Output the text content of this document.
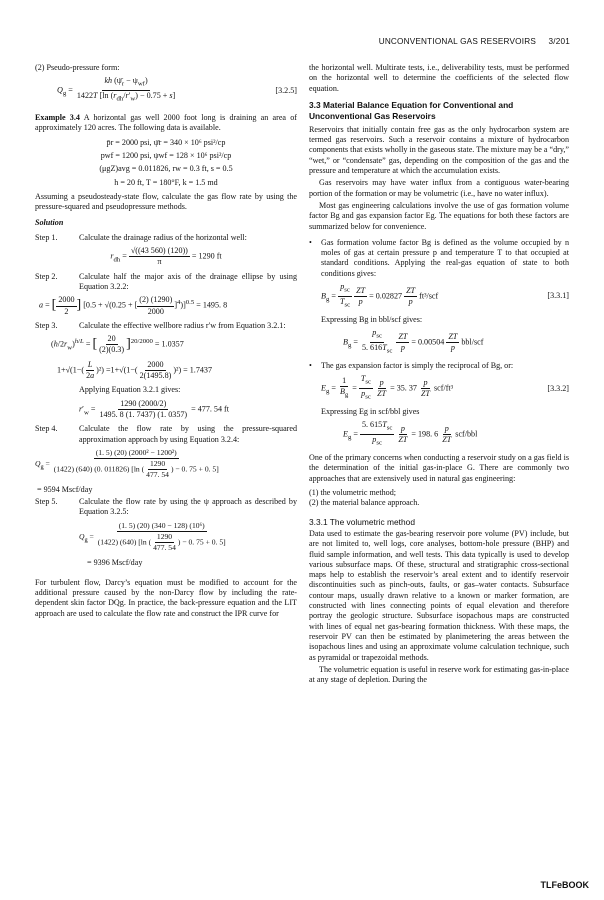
UNCONVENTIONAL GAS RESERVOIRS 3/201

(2) Pseudo-pressure form:

$Q_g = \frac{kh (\psī_r - \psi_{wf})}{1422T [\ln (r_{dh}/r'_w) - 0.75 + s]}$	[3.2.5]

Example 3.4 A horizontal gas well 2000 foot long is draining an area of approximately 120 acres. The following data is available.

p̄r = 2000 psi, ψ̄r = 340 × 10⁶ psi²/cp
pwf = 1200 psi, ψwf = 128 × 10⁶ psi²/cp
(μgZ)avg = 0.011826, rw = 0.3 ft, s = 0.5
h = 20 ft, T = 180°F, k = 1.5 md

Assuming a pseudosteady-state flow, calculate the gas flow rate by using the pressure-squared and pseudopressure methods.

Solution
Step 1.	Calculate the drainage radius of the horizontal well:
$r_{dh} = \frac{√((43 560) (120))}{\pi} = 1290$ ft
Step 2.	Calculate half the major axis of the drainage ellipse by using Equation 3.2.2:
a = [ $\frac{2000}{2}$ ] [0.5 + √(0.25 + [ $\frac{(2) (1290)}{2000} ]^4)]^{0.5} = 1495$. 8
Step 3.	Calculate the effective wellbore radius r′w from Equation 3.2.1:
$(h/2r_w)^{h/L}$ = [ $\frac{20}{(2)(0.3)} ]^{20/2000} = 1.0357$
$1+√(1-( \frac{L}{2a} )^2) =1+√(1-( \frac{2000}{2(1495.8)} )^2) = 1.7437$

Applying Equation 3.2.1 gives:

$r'_w = \frac{1290 (2000/2)}{1495. 8 (1. 7437) (1. 0357)} = 477$. 54 ft
Step 4.	Calculate the flow rate by using the pressure-squared approximation approach by using Equation 3.2.4:
$Q_g = \frac{\text{(1. 5) (20) (2000² − 1200²)}}{(1422) (640) (0. 011826) [\ln ( \frac{1290}{477. 54} ) - 0. 75 + 0. 5]}$

= 9594 Mscf/day

Step 5.	Calculate the flow rate by using the ψ approach as described by Equation 3.2.5:
$Q_g = \frac{\text{(1. 5) (20) (340 − 128) (10⁶)}}{(1422) (640) [\ln ( \frac{1290}{477. 54} ) - 0. 75 + 0. 5]}$

= 9396 Mscf/day

For turbulent flow, Darcy’s equation must be modified to account for the additional pressure caused by the non-Darcy flow by including the rate-dependent skin factor DQg. In practice, the back-pressure equation and the LIT approach are used to calculate the flow rate and construct the IPR curve for

the horizontal well. Multirate tests, i.e., deliverability tests, must be performed on the horizontal well to determine the coefficients of the selected flow equation.

3.3 Material Balance Equation for Conventional and Unconventional Gas Reservoirs

Reservoirs that initially contain free gas as the only hydrocarbon system are termed gas reservoirs. Such a reservoir contains a mixture of hydrocarbon components that exists wholly in the gaseous state. The mixture may be a “dry,” “wet,” or “condensate” gas, depending on the composition of the gas and the pressure and temperature at which the accumulation exists.

Gas reservoirs may have water influx from a contiguous water-bearing portion of the formation or may be volumetric (i.e., have no water influx).

Most gas engineering calculations involve the use of gas formation volume factor Bg and gas expansion factor Eg. The equations for both these factors are summarized below for convenience.

•	Gas formation volume factor Bg is defined as the volume occupied by n moles of gas at certain pressure p and temperature T to that occupied at standard conditions. Applying the real-gas equation of state to both conditions gives:
$B_g = \frac{p_{sc}}{T_{sc}}$
$\frac{ZT}{p} = 0.02827 \frac{ZT}{p} ft^3/scf$	[3.3.1]

Expressing Bg in bbl/scf gives:

$B_g = \frac{p_{sc}}{5. 616T_{sc}}$
$\frac{ZT}{p} = 0.00504 \frac{ZT}{p} bbl/scf$
•	The gas expansion factor is simply the reciprocal of Bg, or:
$E_g = \frac{1}{B_g} = \frac{T_{sc}}{p_{sc}}$
$\frac{p}{ZT} = 35$. $37 \frac{p}{ZT} scf/ft^3$	[3.3.2]

Expressing Eg in scf/bbl gives

$E_g = \frac{5. 615T_{sc}}{p_{sc}}$
$\frac{p}{ZT} = 198$. $6 \frac{p}{ZT} scf/bbl$

One of the primary concerns when conducting a reservoir study on a gas field is the determination of the initial gas-in-place G. There are commonly two approaches that are extensively used in natural gas engineering:

(1) the volumetric method;
(2) the material balance approach.
3.3.1 The volumetric method

Data used to estimate the gas-bearing reservoir pore volume (PV) include, but are not limited to, well logs, core analyses, bottom-hole pressure (BHP) and fluid sample information, and well tests. This data typically is used to develop various subsurface maps. Of these, structural and stratigraphic cross-sectional maps help to establish the reservoir’s areal extent and to identify reservoir discontinuities such as pinch-outs, faults, or gas–water contacts. Subsurface contour maps, usually drawn relative to a known or marker formation, are constructed with lines connecting points of equal elevation and therefore portray the geologic structure. Subsurface isopachous maps are constructed with lines of equal net gas-bearing formation thickness. With these maps, the reservoir PV can then be estimated by planimetering the areas between the isopachous lines and using an approximate volume calculation technique, such as pyramidal or trapezoidal methods.

The volumetric equation is useful in reserve work for estimating gas-in-place at any stage of depletion. During the

TLFeBOOK
